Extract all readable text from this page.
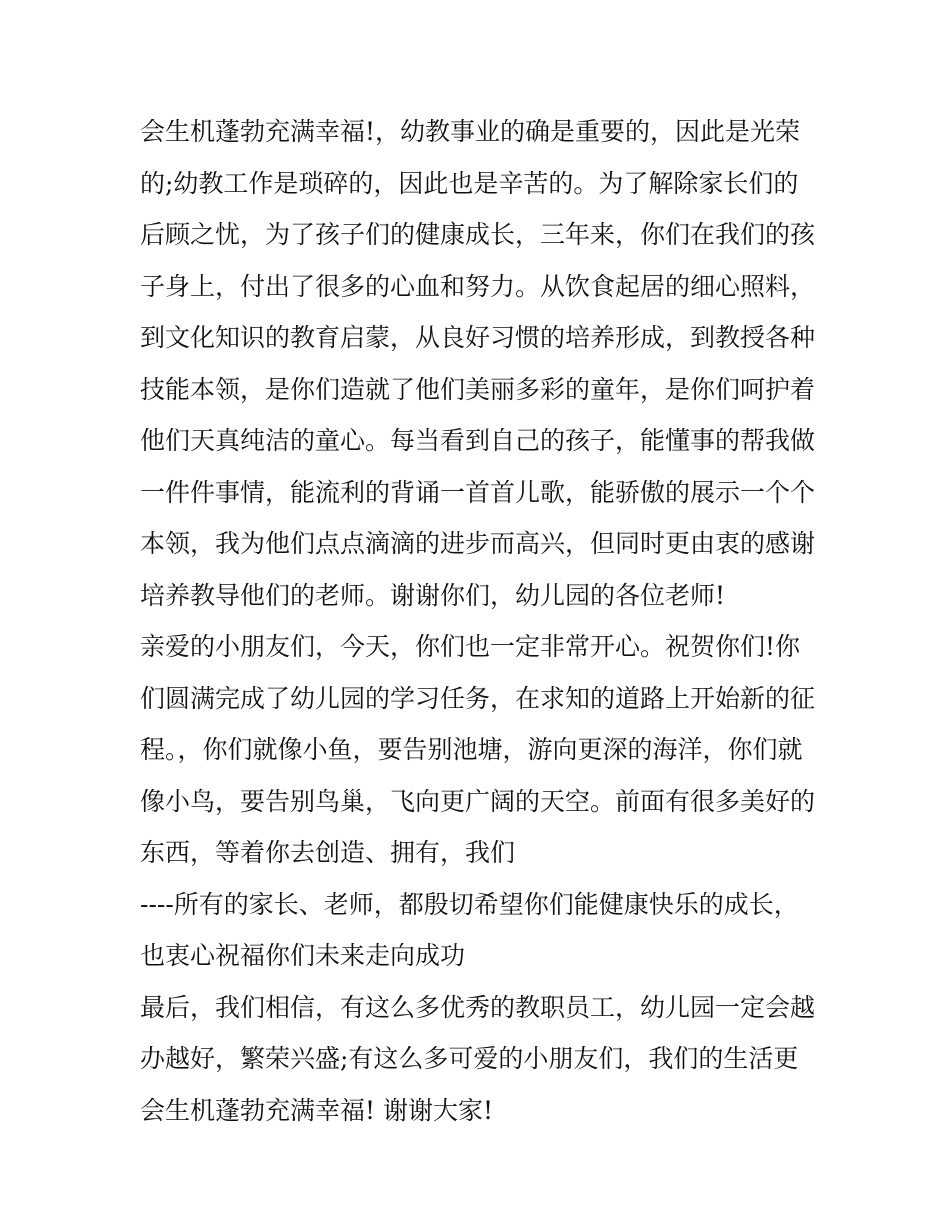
会生机蓬勃充满幸福!，幼教事业的确是重要的，因此是光荣
的;幼教工作是琐碎的，因此也是辛苦的。为了解除家长们的
后顾之忧，为了孩子们的健康成长，三年来，你们在我们的孩
子身上，付出了很多的心血和努力。从饮食起居的细心照料，
到文化知识的教育启蒙，从良好习惯的培养形成，到教授各种
技能本领，是你们造就了他们美丽多彩的童年，是你们呵护着
他们天真纯洁的童心。每当看到自己的孩子，能懂事的帮我做
一件件事情，能流利的背诵一首首儿歌，能骄傲的展示一个个
本领，我为他们点点滴滴的进步而高兴，但同时更由衷的感谢
培养教导他们的老师。谢谢你们，幼儿园的各位老师!
亲爱的小朋友们，今天，你们也一定非常开心。祝贺你们!你
们圆满完成了幼儿园的学习任务，在求知的道路上开始新的征
程。，你们就像小鱼，要告别池塘，游向更深的海洋，你们就
像小鸟，要告别鸟巢，飞向更广阔的天空。前面有很多美好的
东西，等着你去创造、拥有，我们
----所有的家长、老师，都殷切希望你们能健康快乐的成长，
也衷心祝福你们未来走向成功
最后，我们相信，有这么多优秀的教职员工，幼儿园一定会越
办越好，繁荣兴盛;有这么多可爱的小朋友们，我们的生活更
会生机蓬勃充满幸福! 谢谢大家!
